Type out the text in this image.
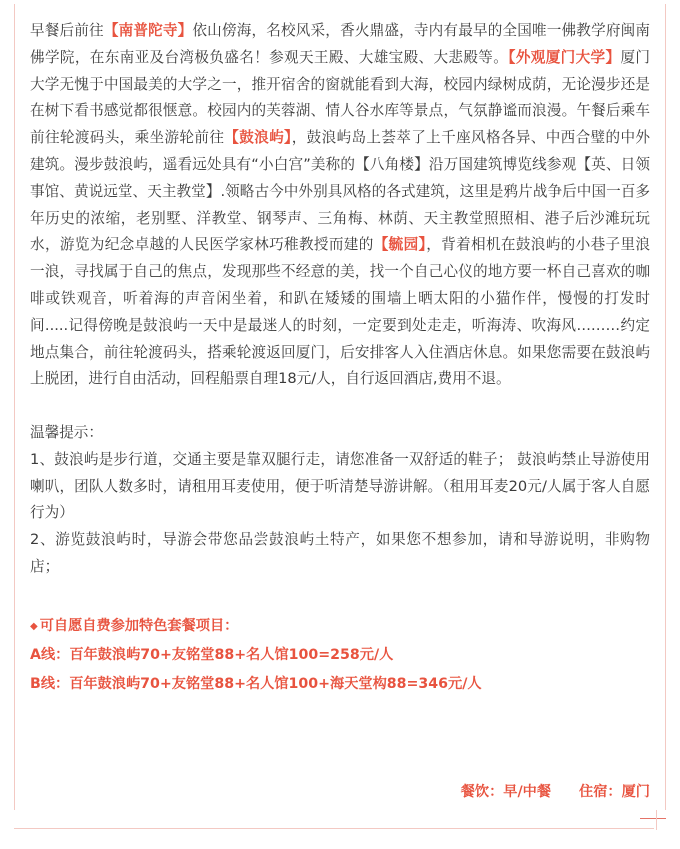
早餐后前往【南普陀寺】依山傍海，名校风采，香火鼎盛，寺内有最早的全国唯一佛教学府闽南佛学院，在东南亚及台湾极负盛名！参观天王殿、大雄宝殿、大悲殿等。【外观厦门大学】厦门大学无愧于中国最美的大学之一，推开宿舍的窗就能看到大海，校园内绿树成荫，无论漫步还是在树下看书感觉都很惬意。校园内的芙蓉湖、情人谷水库等景点，气氛静谧而浪漫。午餐后乘车前往轮渡码头，乘坐游轮前往【鼓浪屿】，鼓浪屿岛上荟萃了上千座风格各异、中西合璧的中外建筑。漫步鼓浪屿，遥看远处具有“小白宫”美称的【八角楼】沿万国建筑博览线参观【英、日领事馆、黄说远堂、天主教堂】.领略古今中外别具风格的各式建筑，这里是鸦片战争后中国一百多年历史的浓缩，老别墅、洋教堂、钢琴声、三角梅、林荫、天主教堂照照相、港子后沙滩玩玩水，游览为纪念卓越的人民医学家林巧稚教授而建的【毓园】，背着相机在鼓浪屿的小巷子里浪一浪，寻找属于自己的焦点，发现那些不经意的美，找一个自己心仪的地方要一杯自己喜欢的咖啡或铁观音，听着海的声音闲坐着，和趴在矮矮的围墙上晒太阳的小猫作伴，慢慢的打发时间.....记得傍晚是鼓浪屿一天中是最迷人的时刻，一定要到处走走，听海涛、吹海风………约定地点集合，前往轮渡码头，搭乘轮渡返回厦门，后安排客人入住酒店休息。如果您需要在鼓浪屿上脱团，进行自由活动，回程船票自理18元/人，自行返回酒店,费用不退。

温馨提示：

1、鼓浪屿是步行道，交通主要是靠双腿行走，请您准备一双舒适的鞋子； 鼓浪屿禁止导游使用喇叭，团队人数多时，请租用耳麦使用，便于听清楚导游讲解。（租用耳麦20元/人属于客人自愿行为）

2、游览鼓浪屿时，导游会带您品尝鼓浪屿土特产，如果您不想参加，请和导游说明，非购物店；

◆ 可自愿自费参加特色套餐项目：

A线：百年鼓浪屿70+友铭堂88+名人馆100=258元/人

B线：百年鼓浪屿70+友铭堂88+名人馆100+海天堂构88=346元/人

餐饮：早/中餐 住宿：厦门
